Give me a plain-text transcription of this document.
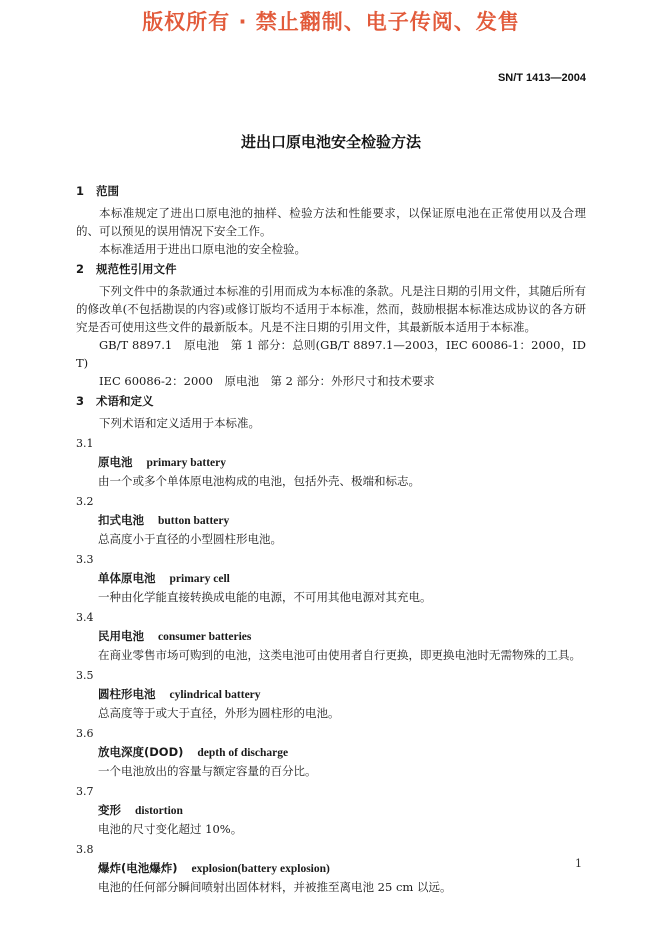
版权所有 · 禁止翻制、电子传阅、发售
SN/T 1413—2004
进出口原电池安全检验方法

1 范围

本标准规定了进出口原电池的抽样、检验方法和性能要求，以保证原电池在正常使用以及合理的、可以预见的误用情况下安全工作。

本标准适用于进出口原电池的安全检验。

2 规范性引用文件

下列文件中的条款通过本标准的引用而成为本标准的条款。凡是注日期的引用文件，其随后所有的修改单(不包括勘误的内容)或修订版均不适用于本标准，然而，鼓励根据本标准达成协议的各方研究是否可使用这些文件的最新版本。凡是不注日期的引用文件，其最新版本适用于本标准。

GB/T 8897.1　原电池　第 1 部分：总则(GB/T 8897.1—2003，IEC 60086-1：2000，IDT)

IEC 60086-2：2000　原电池　第 2 部分：外形尺寸和技术要求

3 术语和定义

下列术语和定义适用于本标准。

3.1

原电池 primary battery

由一个或多个单体原电池构成的电池，包括外壳、极端和标志。

3.2

扣式电池 button battery

总高度小于直径的小型圆柱形电池。

3.3

单体原电池 primary cell

一种由化学能直接转换成电能的电源，不可用其他电源对其充电。

3.4

民用电池 consumer batteries

在商业零售市场可购到的电池，这类电池可由使用者自行更换，即更换电池时无需物殊的工具。

3.5

圆柱形电池 cylindrical battery

总高度等于或大于直径，外形为圆柱形的电池。

3.6

放电深度(DOD) depth of discharge

一个电池放出的容量与额定容量的百分比。

3.7

变形 distortion

电池的尺寸变化超过 10%。

3.8

爆炸(电池爆炸) explosion(battery explosion)

电池的任何部分瞬间喷射出固体材料，并被推至离电池 25 cm 以远。

1
